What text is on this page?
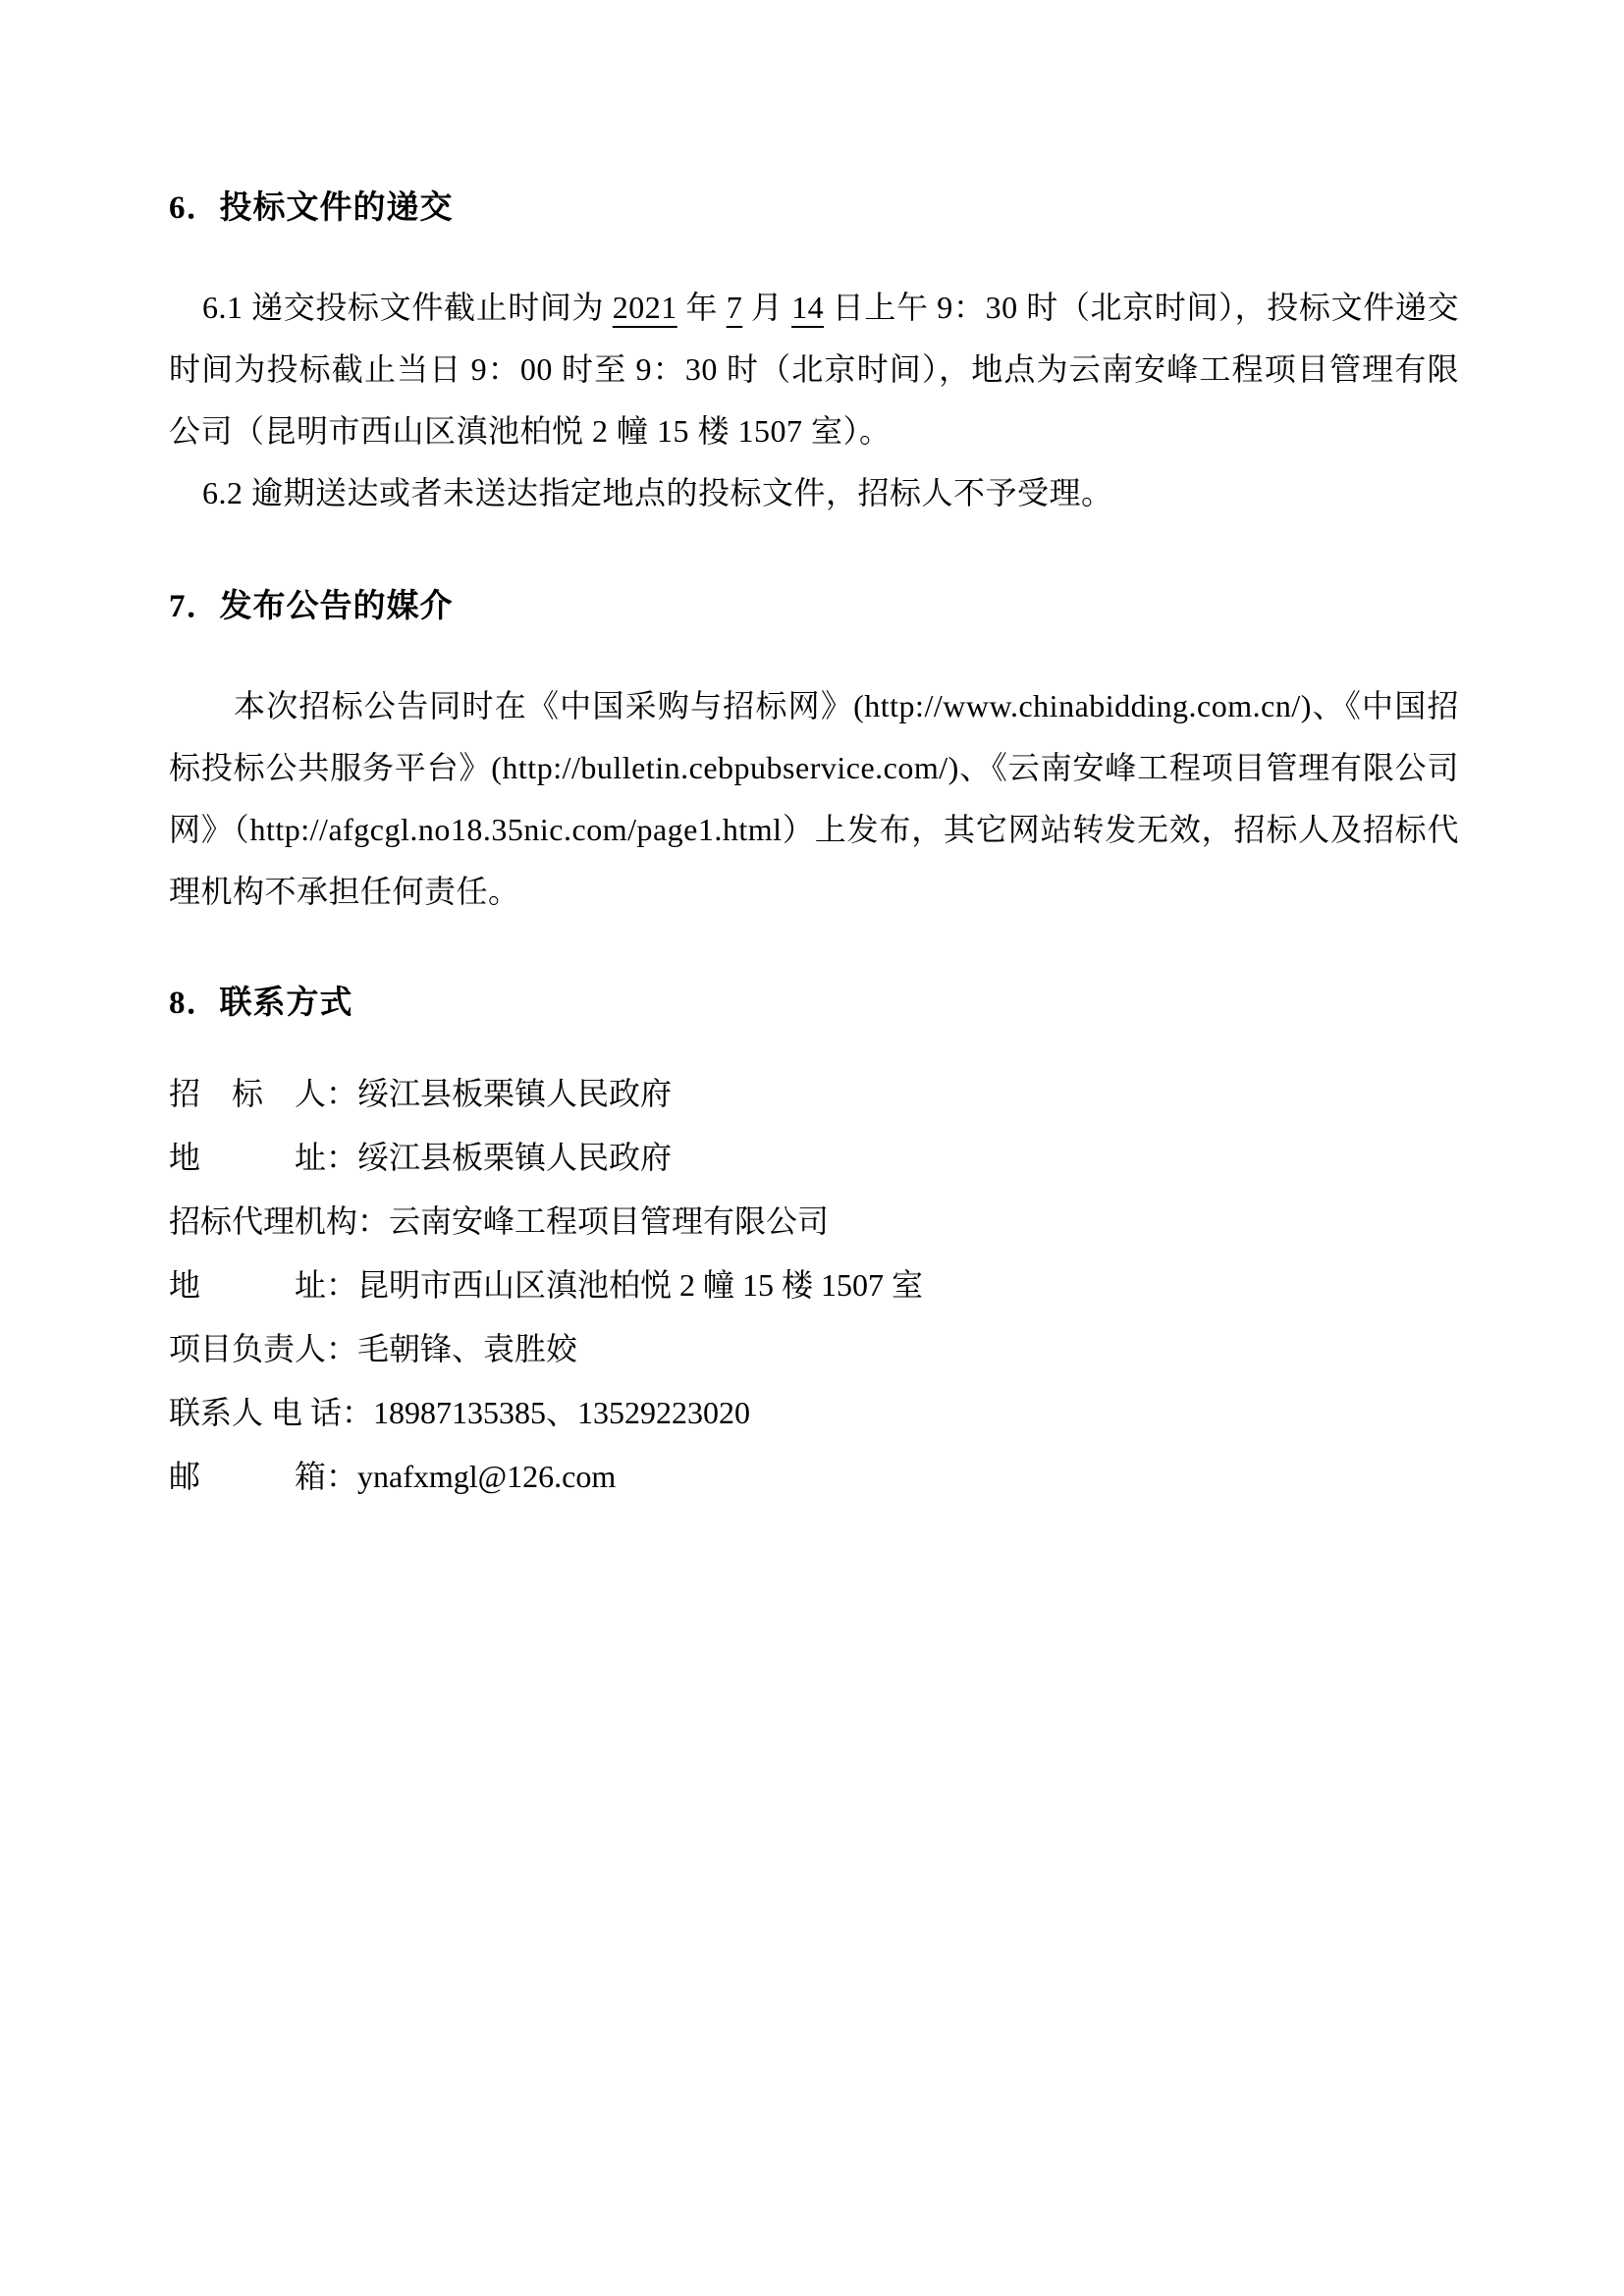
6．投标文件的递交

6.1 递交投标文件截止时间为 2021 年 7 月 14 日上午 9：30 时（北京时间），投标文件递交时间为投标截止当日 9：00 时至 9：30 时（北京时间），地点为云南安峰工程项目管理有限公司（昆明市西山区滇池柏悦 2 幢 15 楼 1507 室）。

6.2 逾期送达或者未送达指定地点的投标文件，招标人不予受理。

7．发布公告的媒介

本次招标公告同时在《中国采购与招标网》(http://www.chinabidding.com.cn/)、《中国招标投标公共服务平台》(http://bulletin.cebpubservice.com/)、《云南安峰工程项目管理有限公司网》（http://afgcgl.no18.35nic.com/page1.html）上发布，其它网站转发无效，招标人及招标代理机构不承担任何责任。

8．联系方式

招　标　人： 绥江县板栗镇人民政府

地　　　址： 绥江县板栗镇人民政府

招标代理机构： 云南安峰工程项目管理有限公司

地　　　址： 昆明市西山区滇池柏悦 2 幢 15 楼 1507 室

项目负责人： 毛朝锋、袁胜姣

联系人 电 话： 18987135385、13529223020

邮　　　箱： ynafxmgl@126.com
